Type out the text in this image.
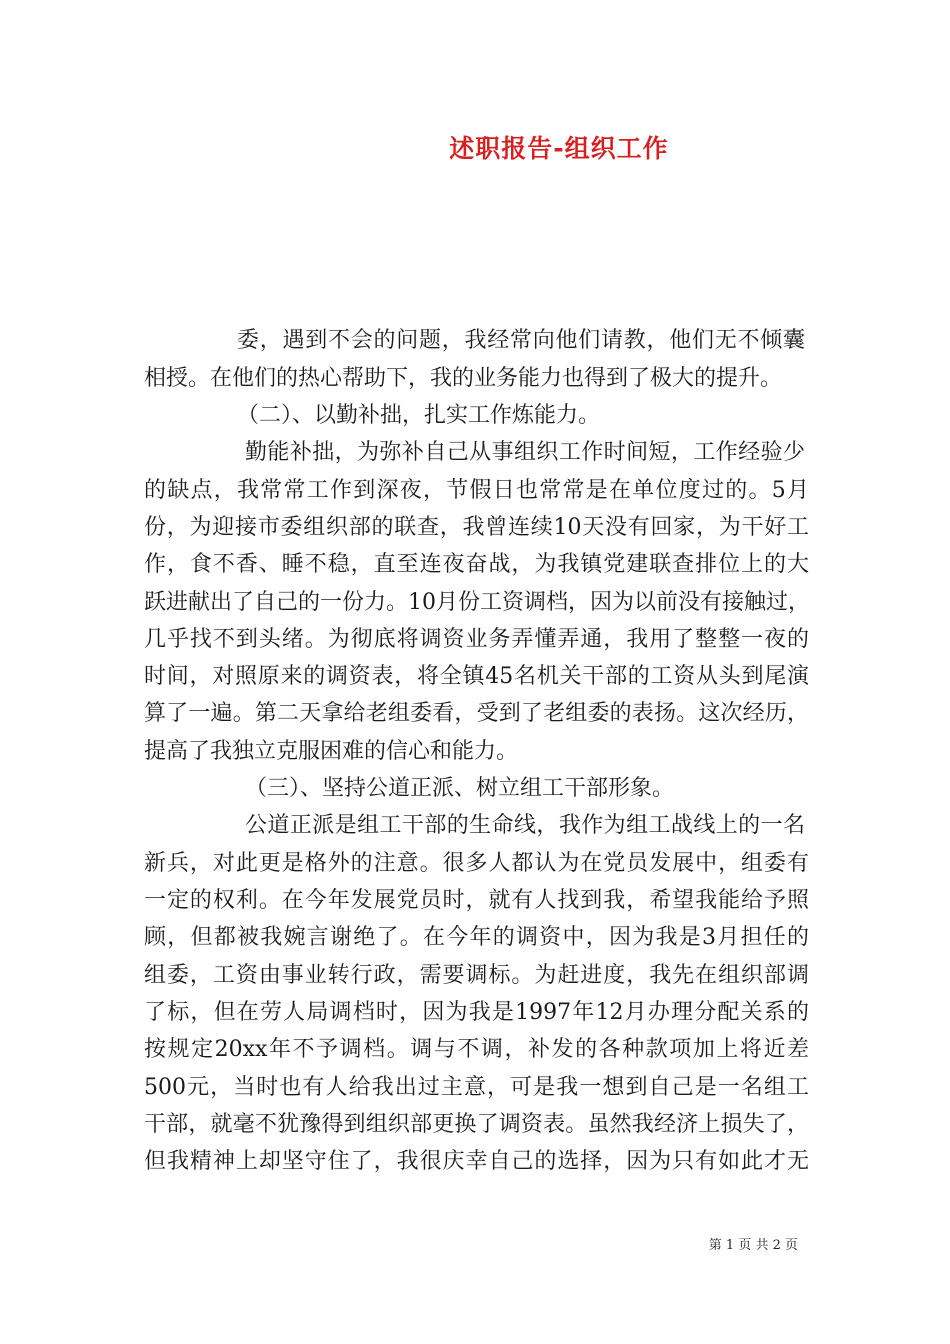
述职报告-组织工作
委，遇到不会的问题，我经常向他们请教，他们无不倾囊
相授。在他们的热心帮助下，我的业务能力也得到了极大的提升。
（二）、以勤补拙，扎实工作炼能力。
勤能补拙，为弥补自己从事组织工作时间短，工作经验少
的缺点，我常常工作到深夜，节假日也常常是在单位度过的。5月
份，为迎接市委组织部的联查，我曾连续10天没有回家，为干好工
作，食不香、睡不稳，直至连夜奋战，为我镇党建联查排位上的大
跃进献出了自己的一份力。10月份工资调档，因为以前没有接触过，
几乎找不到头绪。为彻底将调资业务弄懂弄通，我用了整整一夜的
时间，对照原来的调资表，将全镇45名机关干部的工资从头到尾演
算了一遍。第二天拿给老组委看，受到了老组委的表扬。这次经历，
提高了我独立克服困难的信心和能力。
（三）、坚持公道正派、树立组工干部形象。
公道正派是组工干部的生命线，我作为组工战线上的一名
新兵，对此更是格外的注意。很多人都认为在党员发展中，组委有
一定的权利。在今年发展党员时，就有人找到我，希望我能给予照
顾，但都被我婉言谢绝了。在今年的调资中，因为我是3月担任的
组委，工资由事业转行政，需要调标。为赶进度，我先在组织部调
了标，但在劳人局调档时，因为我是1997年12月办理分配关系的
按规定20xx年不予调档。调与不调，补发的各种款项加上将近差
500元，当时也有人给我出过主意，可是我一想到自己是一名组工
干部，就毫不犹豫得到组织部更换了调资表。虽然我经济上损失了，
但我精神上却坚守住了，我很庆幸自己的选择，因为只有如此才无
第 1 页 共 2 页
